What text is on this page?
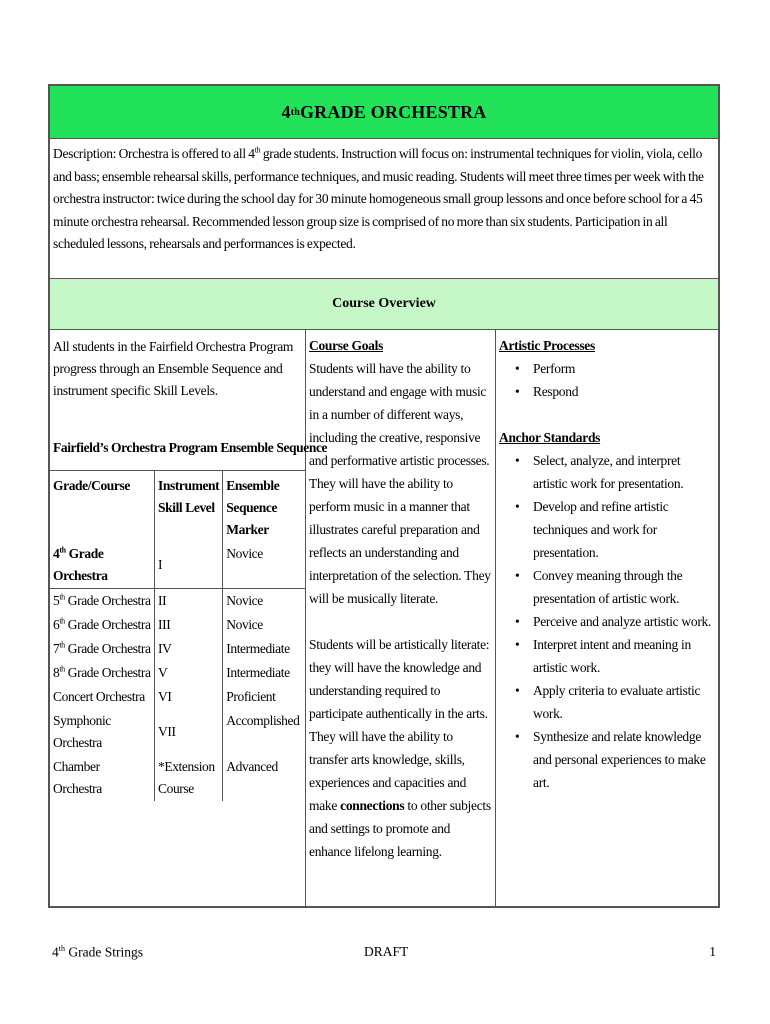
4 th GRADE ORCHESTRA
Description: Orchestra is offered to all 4th grade students. Instruction will focus on: instrumental techniques for violin, viola, cello and bass; ensemble rehearsal skills, performance techniques, and music reading. Students will meet three times per week with the orchestra instructor: twice during the school day for 30 minute homogeneous small group lessons and once before school for a 45 minute orchestra rehearsal. Recommended lesson group size is comprised of no more than six students. Participation in all scheduled lessons, rehearsals and performances is expected.
Course Overview
All students in the Fairfield Orchestra Program progress through an Ensemble Sequence and instrument specific Skill Levels.
Fairfield’s Orchestra Program Ensemble Sequence
Grade/Course	Instrument Skill Level	Ensemble Sequence Marker
4th Grade Orchestra	I	Novice
5th Grade Orchestra	II	Novice
6th Grade Orchestra	III	Novice
7th Grade Orchestra	IV	Intermediate
8th Grade Orchestra	V	Intermediate
Concert Orchestra	VI	Proficient
Symphonic Orchestra	VII	Accomplished
Chamber Orchestra	*Extension Course	Advanced
Course Goals
Students will have the ability to understand and engage with music in a number of different ways, including the creative, responsive and performative artistic processes. They will have the ability to perform music in a manner that illustrates careful preparation and reflects an understanding and interpretation of the selection. They will be musically literate.
Students will be artistically literate: they will have the knowledge and understanding required to participate authentically in the arts. They will have the ability to transfer arts knowledge, skills, experiences and capacities and make connections to other subjects and settings to promote and enhance lifelong learning.
Artistic Processes
• Perform
• Respond
Anchor Standards
• Select, analyze, and interpret artistic work for presentation.
• Develop and refine artistic techniques and work for presentation.
• Convey meaning through the presentation of artistic work.
• Perceive and analyze artistic work.
• Interpret intent and meaning in artistic work.
• Apply criteria to evaluate artistic work.
• Synthesize and relate knowledge and personal experiences to make art.
4th Grade Strings	DRAFT	1
